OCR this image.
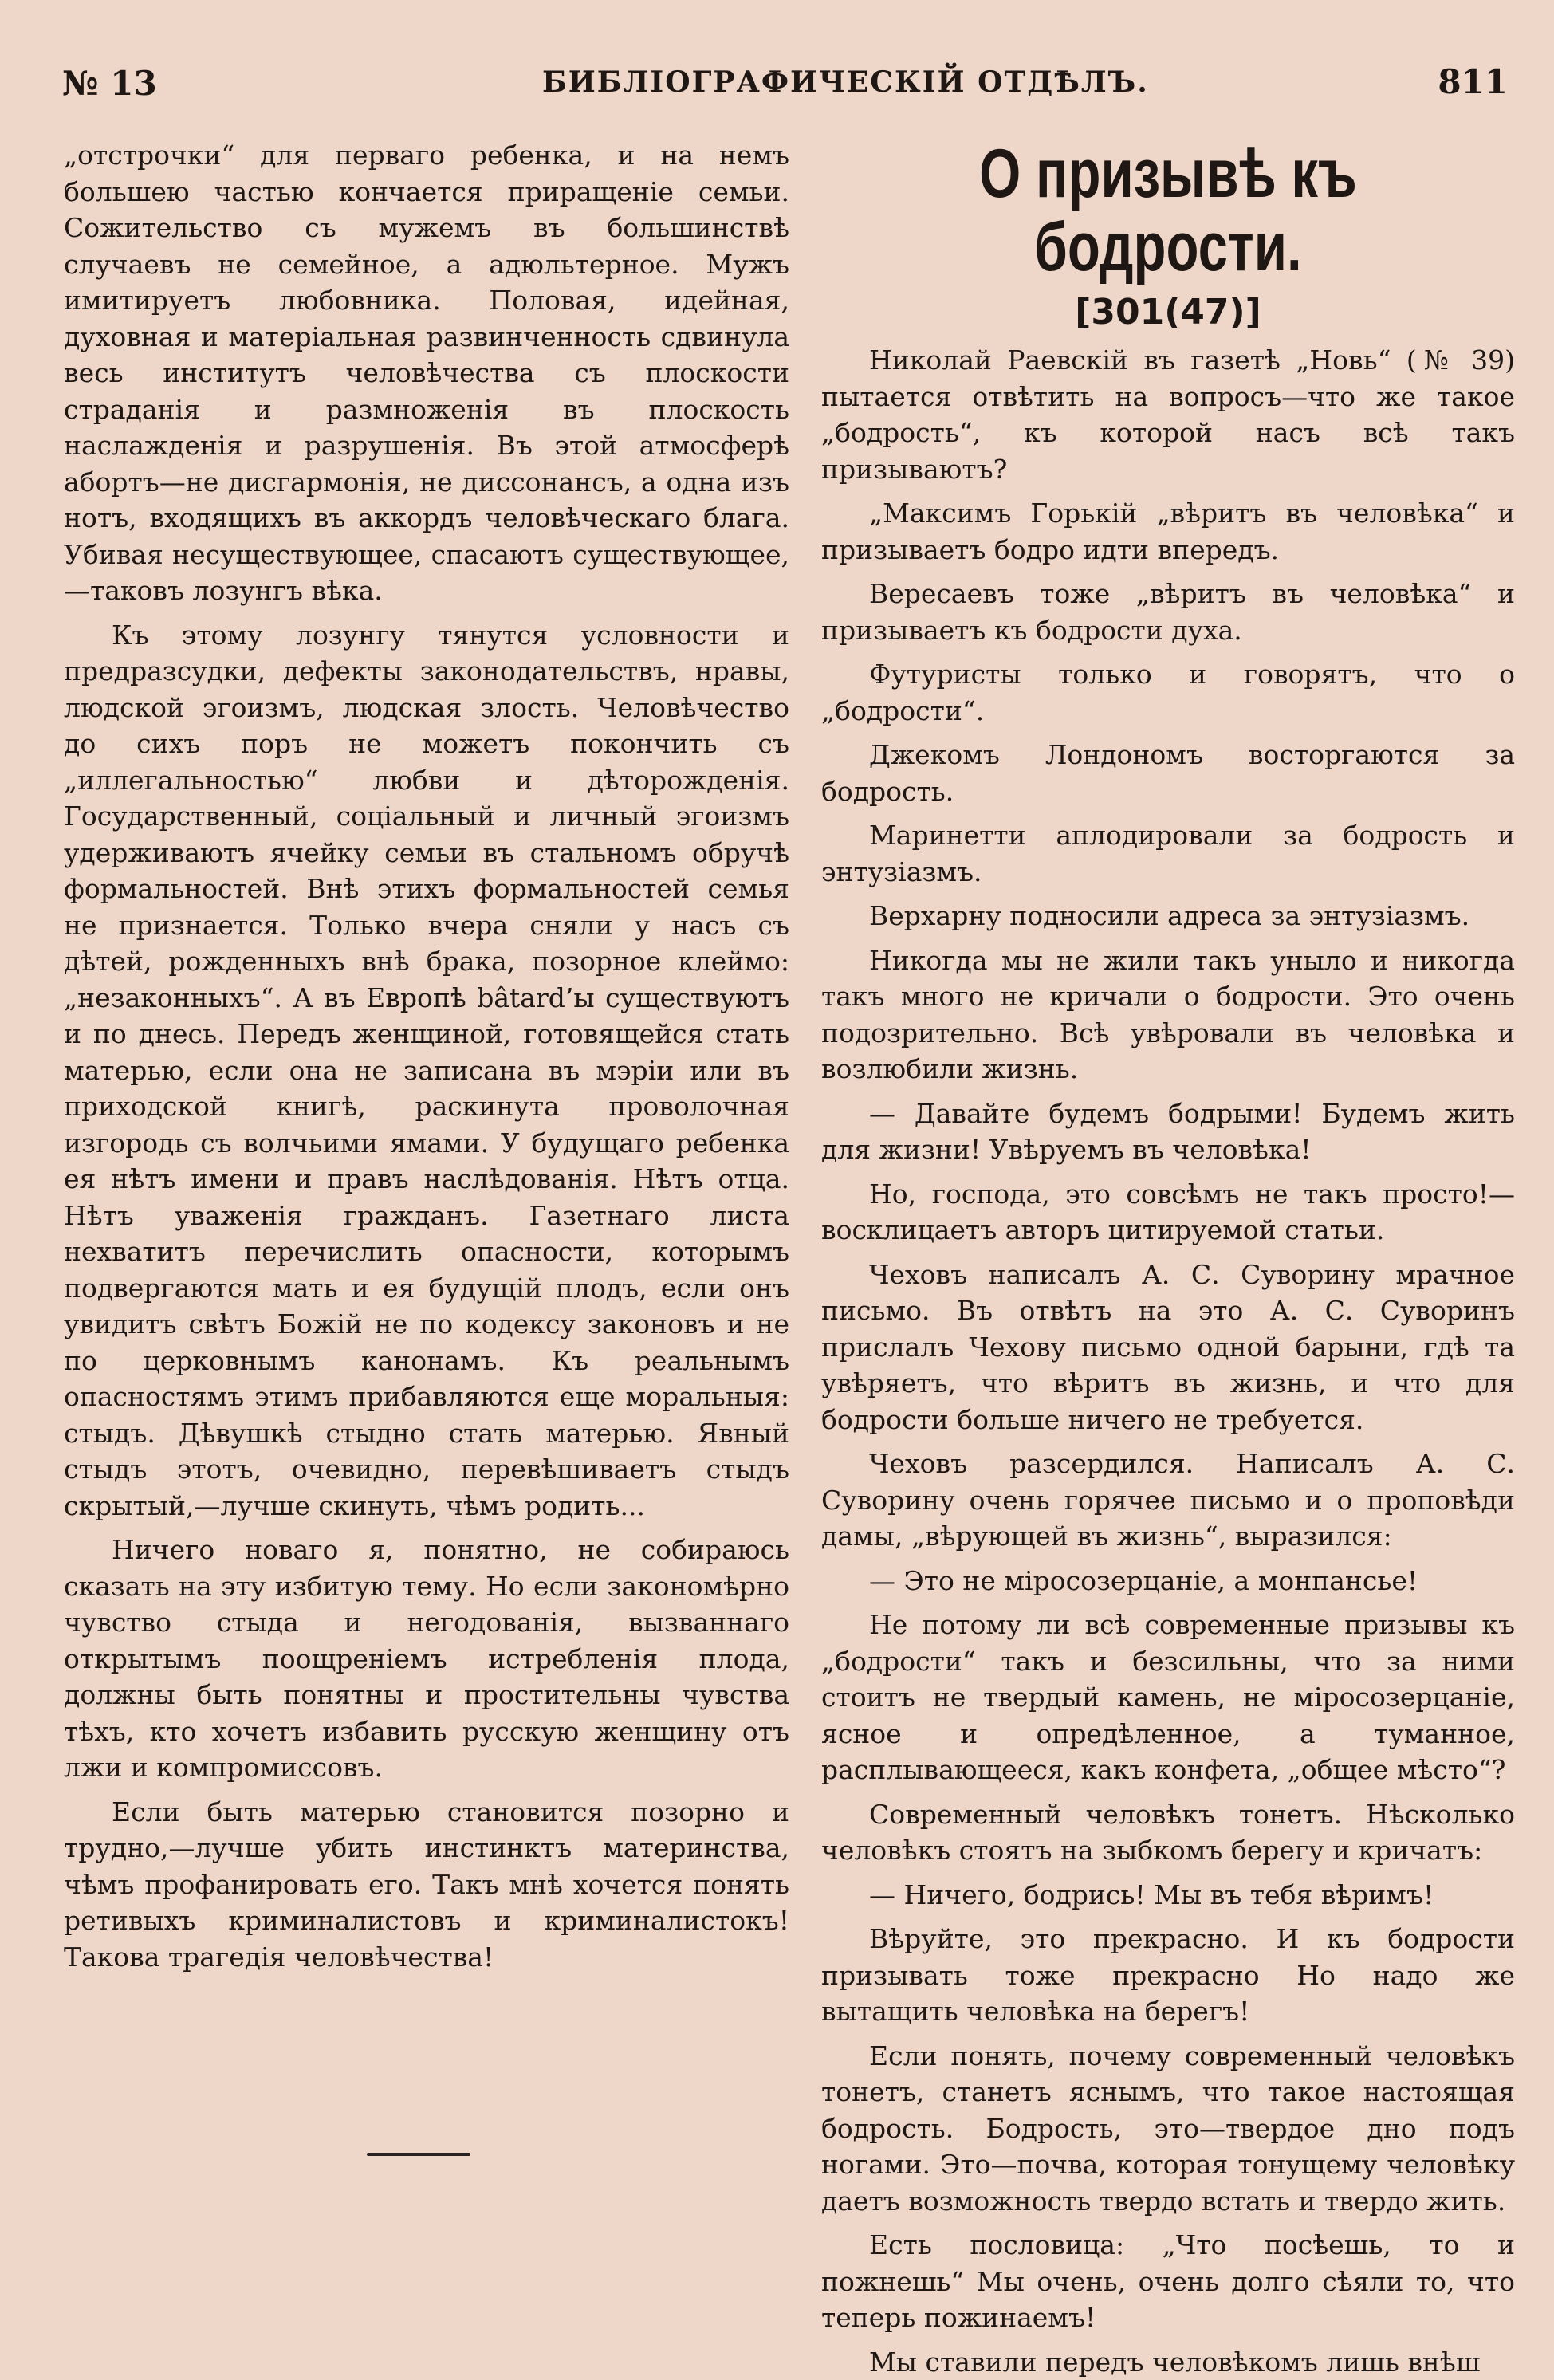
№ 13	БИБЛІОГРАФИЧЕСКІЙ ОТДѢЛЪ.	811

„отстрочки“ для перваго ребенка, и на немъ большею частью кончается приращеніе семьи. Сожительство съ мужемъ въ большинствѣ случаевъ не семейное, а адюльтерное. Мужъ имитируетъ любовника. Половая, идейная, духовная и матеріальная развинченность сдвинула весь институтъ человѣчества съ плоскости страданія и размноженія въ плоскость наслажденія и разрушенія. Въ этой атмосферѣ абортъ—не дисгармонія, не диссонансъ, а одна изъ нотъ, входящихъ въ аккордъ человѣческаго блага. Убивая несуществующее, спасаютъ существующее,—таковъ лозунгъ вѣка.

Къ этому лозунгу тянутся условности и предразсудки, дефекты законодательствъ, нравы, людской эгоизмъ, людская злость. Человѣчество до сихъ поръ не можетъ покончить съ „иллегальностью“ любви и дѣторожденія. Государственный, соціальный и личный эгоизмъ удерживаютъ ячейку семьи въ стальномъ обручѣ формальностей. Внѣ этихъ формальностей семья не признается. Только вчера сняли у насъ съ дѣтей, рожденныхъ внѣ брака, позорное клеймо: „незаконныхъ“. А въ Европѣ bâtard’ы существуютъ и по днесь. Передъ женщиной, готовящейся стать матерью, если она не записана въ мэріи или въ приходской книгѣ, раскинута проволочная изгородь съ волчьими ямами. У будущаго ребенка ея нѣтъ имени и правъ наслѣдованія. Нѣтъ отца. Нѣтъ уваженія гражданъ. Газетнаго листа нехватитъ перечислить опасности, которымъ подвергаются мать и ея будущій плодъ, если онъ увидитъ свѣтъ Божій не по кодексу законовъ и не по церковнымъ канонамъ. Къ реальнымъ опасностямъ этимъ прибавляются еще моральныя: стыдъ. Дѣвушкѣ стыдно стать матерью. Явный стыдъ этотъ, очевидно, перевѣшиваетъ стыдъ скрытый,—лучше скинуть, чѣмъ родить...

Ничего новаго я, понятно, не собираюсь сказать на эту избитую тему. Но если закономѣрно чувство стыда и негодованія, вызваннаго открытымъ поощреніемъ истребленія плода, должны быть понятны и простительны чувства тѣхъ, кто хочетъ избавить русскую женщину отъ лжи и компромиссовъ.

Если быть матерью становится позорно и трудно,—лучше убить инстинктъ материнства, чѣмъ профанировать его. Такъ мнѣ хочется понять ретивыхъ криминалистовъ и криминалистокъ! Такова трагедія человѣчества!

О призывѣ къ бодрости.
[301(47)]

Николай Раевскій въ газетѣ „Новь“ (№ 39) пытается отвѣтить на вопросъ—что же такое „бодрость“, къ которой насъ всѣ такъ призываютъ?

„Максимъ Горькій „вѣритъ въ человѣка“ и призываетъ бодро идти впередъ.

Вересаевъ тоже „вѣритъ въ человѣка“ и призываетъ къ бодрости духа.

Футуристы только и говорятъ, что о „бодрости“.

Джекомъ Лондономъ восторгаются за бодрость.

Маринетти аплодировали за бодрость и энтузіазмъ.

Верхарну подносили адреса за энтузіазмъ.

Никогда мы не жили такъ уныло и никогда такъ много не кричали о бодрости. Это очень подозрительно. Всѣ увѣровали въ человѣка и возлюбили жизнь.

— Давайте будемъ бодрыми! Будемъ жить для жизни! Увѣруемъ въ человѣка!

Но, господа, это совсѣмъ не такъ просто!—восклицаетъ авторъ цитируемой статьи.

Чеховъ написалъ А. С. Суворину мрачное письмо. Въ отвѣтъ на это А. С. Суворинъ прислалъ Чехову письмо одной барыни, гдѣ та увѣряетъ, что вѣритъ въ жизнь, и что для бодрости больше ничего не требуется.

Чеховъ разсердился. Написалъ А. С. Суворину очень горячее письмо и о проповѣди дамы, „вѣрующей въ жизнь“, выразился:

— Это не міросозерцаніе, а монпансье!

Не потому ли всѣ современные призывы къ „бодрости“ такъ и безсильны, что за ними стоитъ не твердый камень, не міросозерцаніе, ясное и опредѣленное, а туманное, расплывающееся, какъ конфета, „общее мѣсто“?

Современный человѣкъ тонетъ. Нѣсколько человѣкъ стоятъ на зыбкомъ берегу и кричатъ:

— Ничего, бодрись! Мы въ тебя вѣримъ!

Вѣруйте, это прекрасно. И къ бодрости призывать тоже прекрасно Но надо же вытащить человѣка на берегъ!

Если понять, почему современный человѣкъ тонетъ, станетъ яснымъ, что такое настоящая бодрость. Бодрость, это—твердое дно подъ ногами. Это—почва, которая тонущему человѣку даетъ возможность твердо встать и твердо жить.

Есть пословица: „Что посѣешь, то и пожнешь“ Мы очень, очень долго сѣяли то, что теперь пожинаемъ!

Мы ставили передъ человѣкомъ лишь внѣш
